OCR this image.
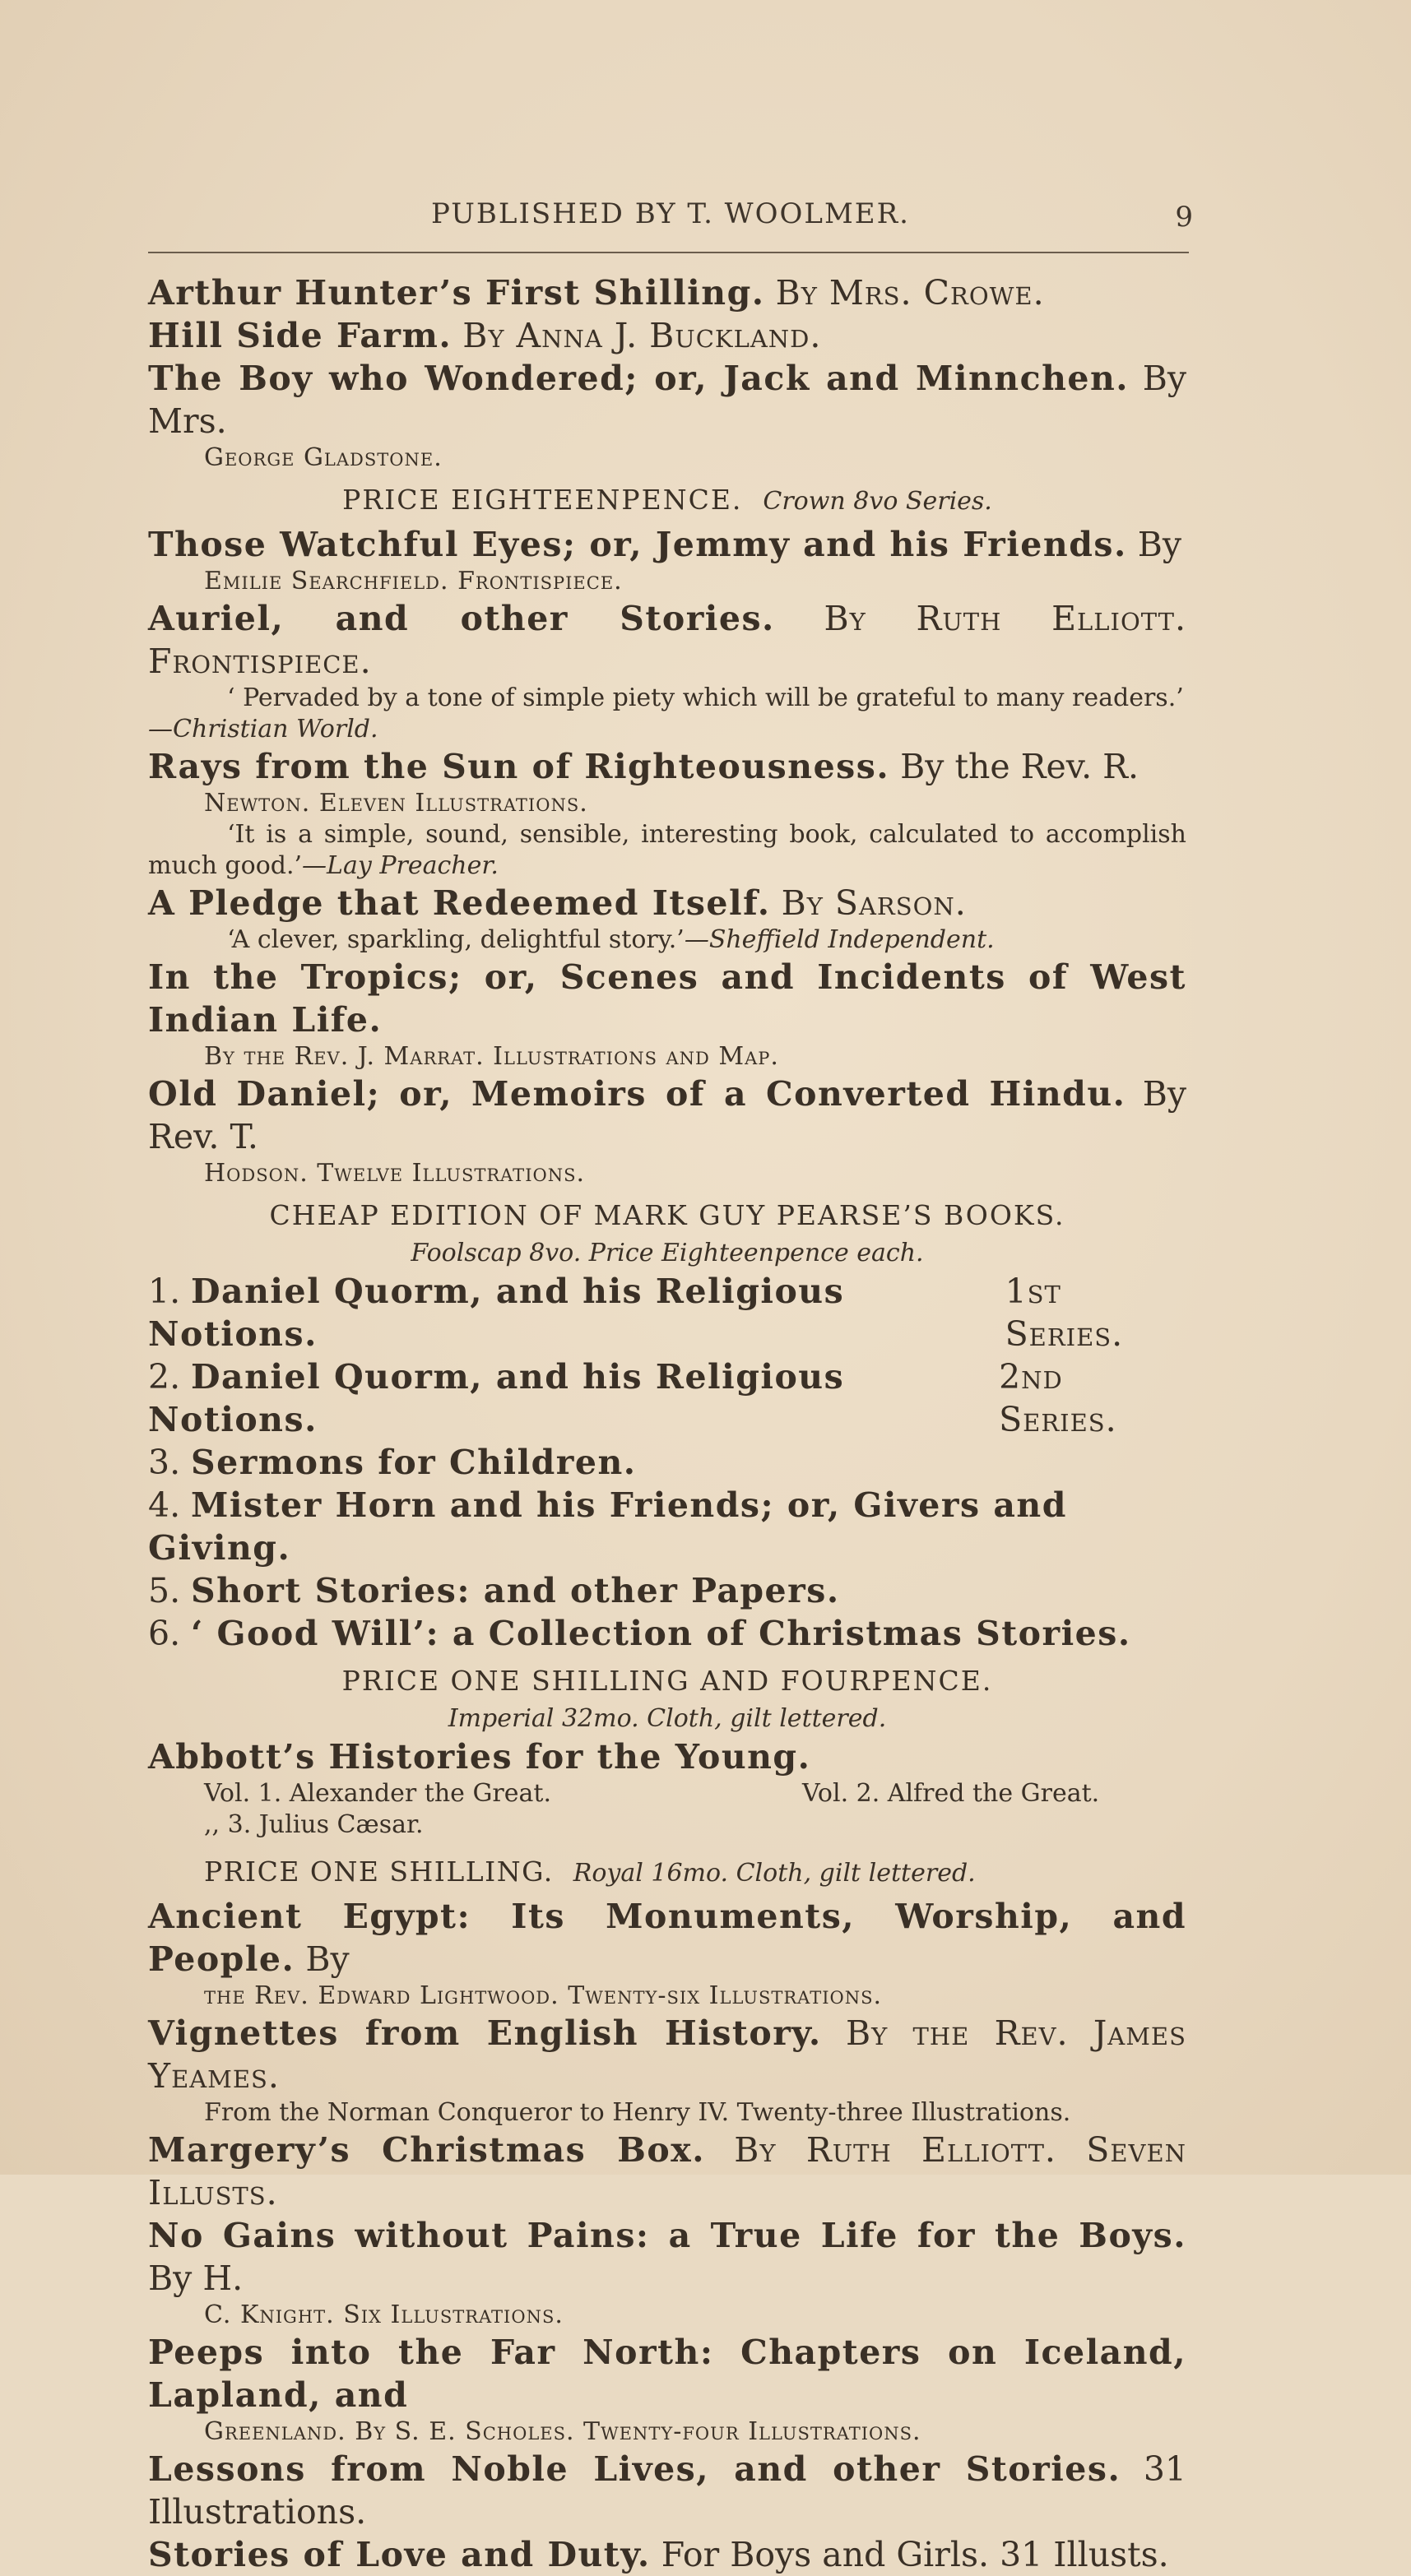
PUBLISHED BY T. WOOLMER.	9
Arthur Hunter’s First Shilling. By Mrs. Crowe.
Hill Side Farm. By Anna J. Buckland.
The Boy who Wondered; or, Jack and Minnchen. By Mrs.
George Gladstone.
PRICE EIGHTEENPENCE. Crown 8vo Series.
Those Watchful Eyes; or, Jemmy and his Friends. By
Emilie Searchfield. Frontispiece.
Auriel, and other Stories. By Ruth Elliott. Frontispiece.
‘ Pervaded by a tone of simple piety which will be grateful to many readers.’
—Christian World.
Rays from the Sun of Righteousness. By the Rev. R.
Newton. Eleven Illustrations.
‘It is a simple, sound, sensible, interesting book, calculated to accomplish much good.’—Lay Preacher.
A Pledge that Redeemed Itself. By Sarson.
‘A clever, sparkling, delightful story.’—Sheffield Independent.
In the Tropics; or, Scenes and Incidents of West Indian Life.
By the Rev. J. Marrat. Illustrations and Map.
Old Daniel; or, Memoirs of a Converted Hindu. By Rev. T.
Hodson. Twelve Illustrations.
CHEAP EDITION OF MARK GUY PEARSE’S BOOKS.
Foolscap 8vo. Price Eighteenpence each.
1. Daniel Quorm, and his Religious Notions.
1st Series.
2. Daniel Quorm, and his Religious Notions.
2nd Series.
3. Sermons for Children.
4. Mister Horn and his Friends; or, Givers and Giving.
5. Short Stories: and other Papers.
6. ‘ Good Will’: a Collection of Christmas Stories.
PRICE ONE SHILLING AND FOURPENCE.
Imperial 32mo. Cloth, gilt lettered.
Abbott’s Histories for the Young.
Vol. 1. Alexander the Great.	Vol. 2. Alfred the Great.
,, 3. Julius Cæsar.
PRICE ONE SHILLING. Royal 16mo. Cloth, gilt lettered.
Ancient Egypt: Its Monuments, Worship, and People. By
the Rev. Edward Lightwood. Twenty-six Illustrations.
Vignettes from English History. By the Rev. James Yeames.
From the Norman Conqueror to Henry IV. Twenty-three Illustrations.
Margery’s Christmas Box. By Ruth Elliott. Seven Illusts.
No Gains without Pains: a True Life for the Boys. By H.
C. Knight. Six Illustrations.
Peeps into the Far North: Chapters on Iceland, Lapland, and
Greenland. By S. E. Scholes. Twenty-four Illustrations.
Lessons from Noble Lives, and other Stories. 31 Illustrations.
Stories of Love and Duty. For Boys and Girls. 31 Illusts.
